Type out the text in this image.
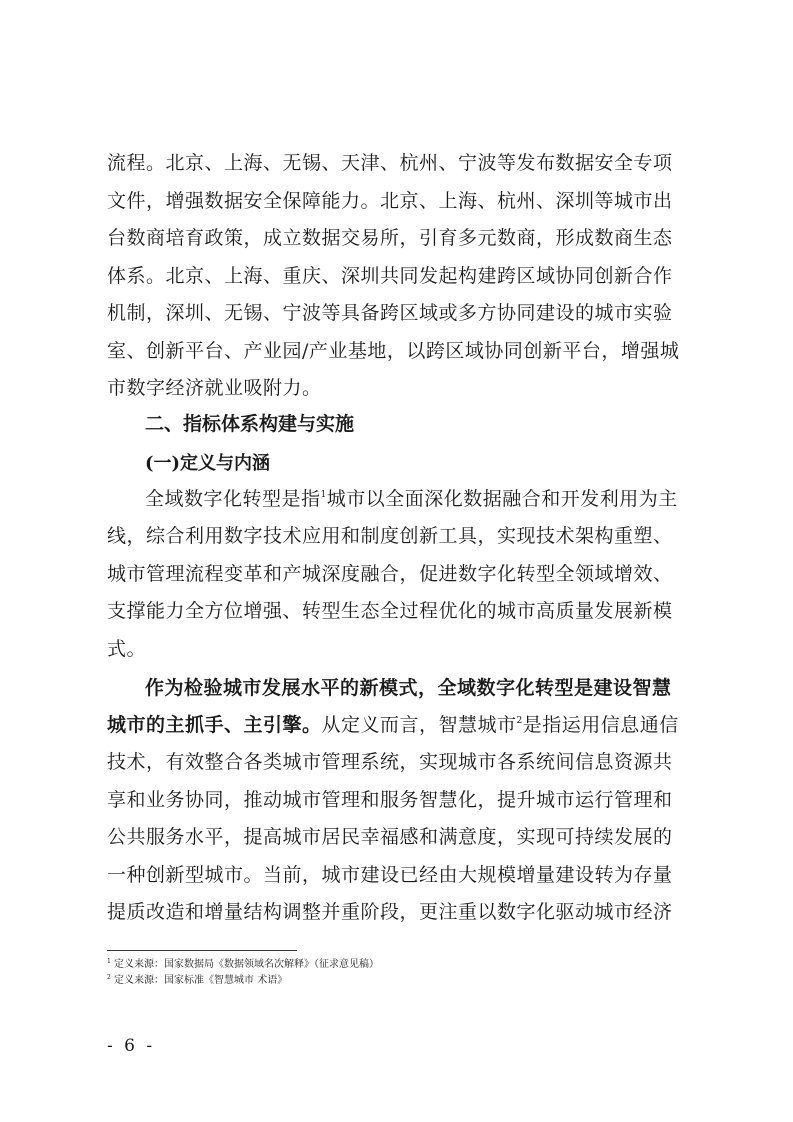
流程。北京、上海、无锡、天津、杭州、宁波等发布数据安全专项
文件，增强数据安全保障能力。北京、上海、杭州、深圳等城市出
台数商培育政策，成立数据交易所，引育多元数商，形成数商生态
体系。北京、上海、重庆、深圳共同发起构建跨区域协同创新合作
机制，深圳、无锡、宁波等具备跨区域或多方协同建设的城市实验
室、创新平台、产业园/产业基地，以跨区域协同创新平台，增强城
市数字经济就业吸附力。
二、指标体系构建与实施
(一)定义与内涵
全域数字化转型是指$^1$城市以全面深化数据融合和开发利用为主
线，综合利用数字技术应用和制度创新工具，实现技术架构重塑、
城市管理流程变革和产城深度融合，促进数字化转型全领域增效、
支撑能力全方位增强、转型生态全过程优化的城市高质量发展新模
式。
作为检验城市发展水平的新模式，全域数字化转型是建设智慧
城市的主抓手、主引擎。从定义而言，智慧城市$^2$是指运用信息通信
技术，有效整合各类城市管理系统，实现城市各系统间信息资源共
享和业务协同，推动城市管理和服务智慧化，提升城市运行管理和
公共服务水平，提高城市居民幸福感和满意度，实现可持续发展的
一种创新型城市。当前，城市建设已经由大规模增量建设转为存量
提质改造和增量结构调整并重阶段，更注重以数字化驱动城市经济
$^1$ 定义来源：国家数据局《数据领域名次解释》（征求意见稿）
$^2$ 定义来源：国家标准《智慧城市 术语》
- 6 -
